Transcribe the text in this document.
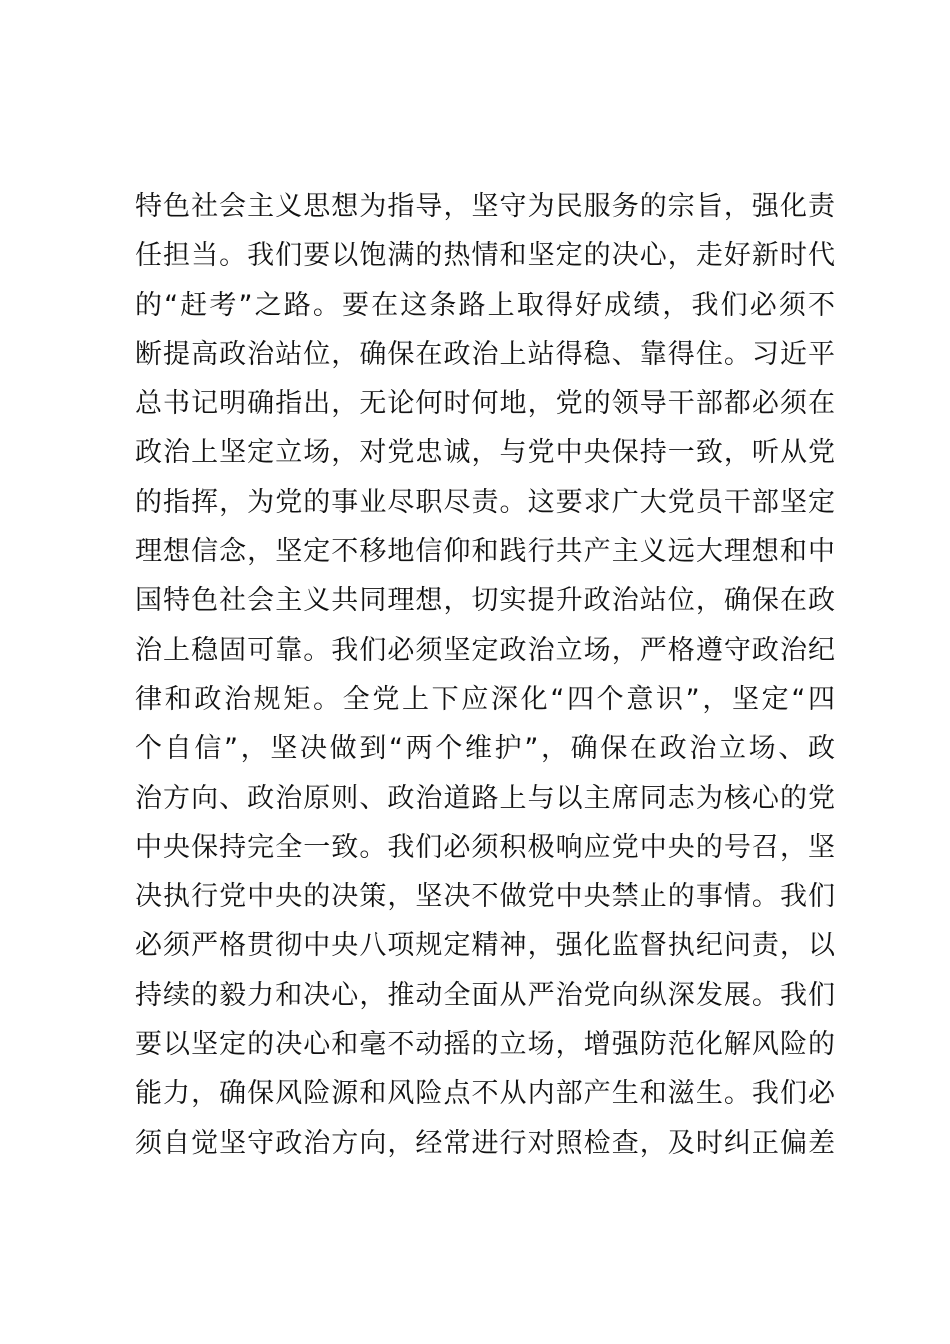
特色社会主义思想为指导，坚守为民服务的宗旨，强化责
任担当。我们要以饱满的热情和坚定的决心，走好新时代
的“赶考”之路。要在这条路上取得好成绩，我们必须不
断提高政治站位，确保在政治上站得稳、靠得住。习近平
总书记明确指出，无论何时何地，党的领导干部都必须在
政治上坚定立场，对党忠诚，与党中央保持一致，听从党
的指挥，为党的事业尽职尽责。这要求广大党员干部坚定
理想信念，坚定不移地信仰和践行共产主义远大理想和中
国特色社会主义共同理想，切实提升政治站位，确保在政
治上稳固可靠。我们必须坚定政治立场，严格遵守政治纪
律和政治规矩。全党上下应深化“四个意识”，坚定“四
个自信”，坚决做到“两个维护”，确保在政治立场、政
治方向、政治原则、政治道路上与以主席同志为核心的党
中央保持完全一致。我们必须积极响应党中央的号召，坚
决执行党中央的决策，坚决不做党中央禁止的事情。我们
必须严格贯彻中央八项规定精神，强化监督执纪问责，以
持续的毅力和决心，推动全面从严治党向纵深发展。我们
要以坚定的决心和毫不动摇的立场，增强防范化解风险的
能力，确保风险源和风险点不从内部产生和滋生。我们必
须自觉坚守政治方向，经常进行对照检查，及时纠正偏差
